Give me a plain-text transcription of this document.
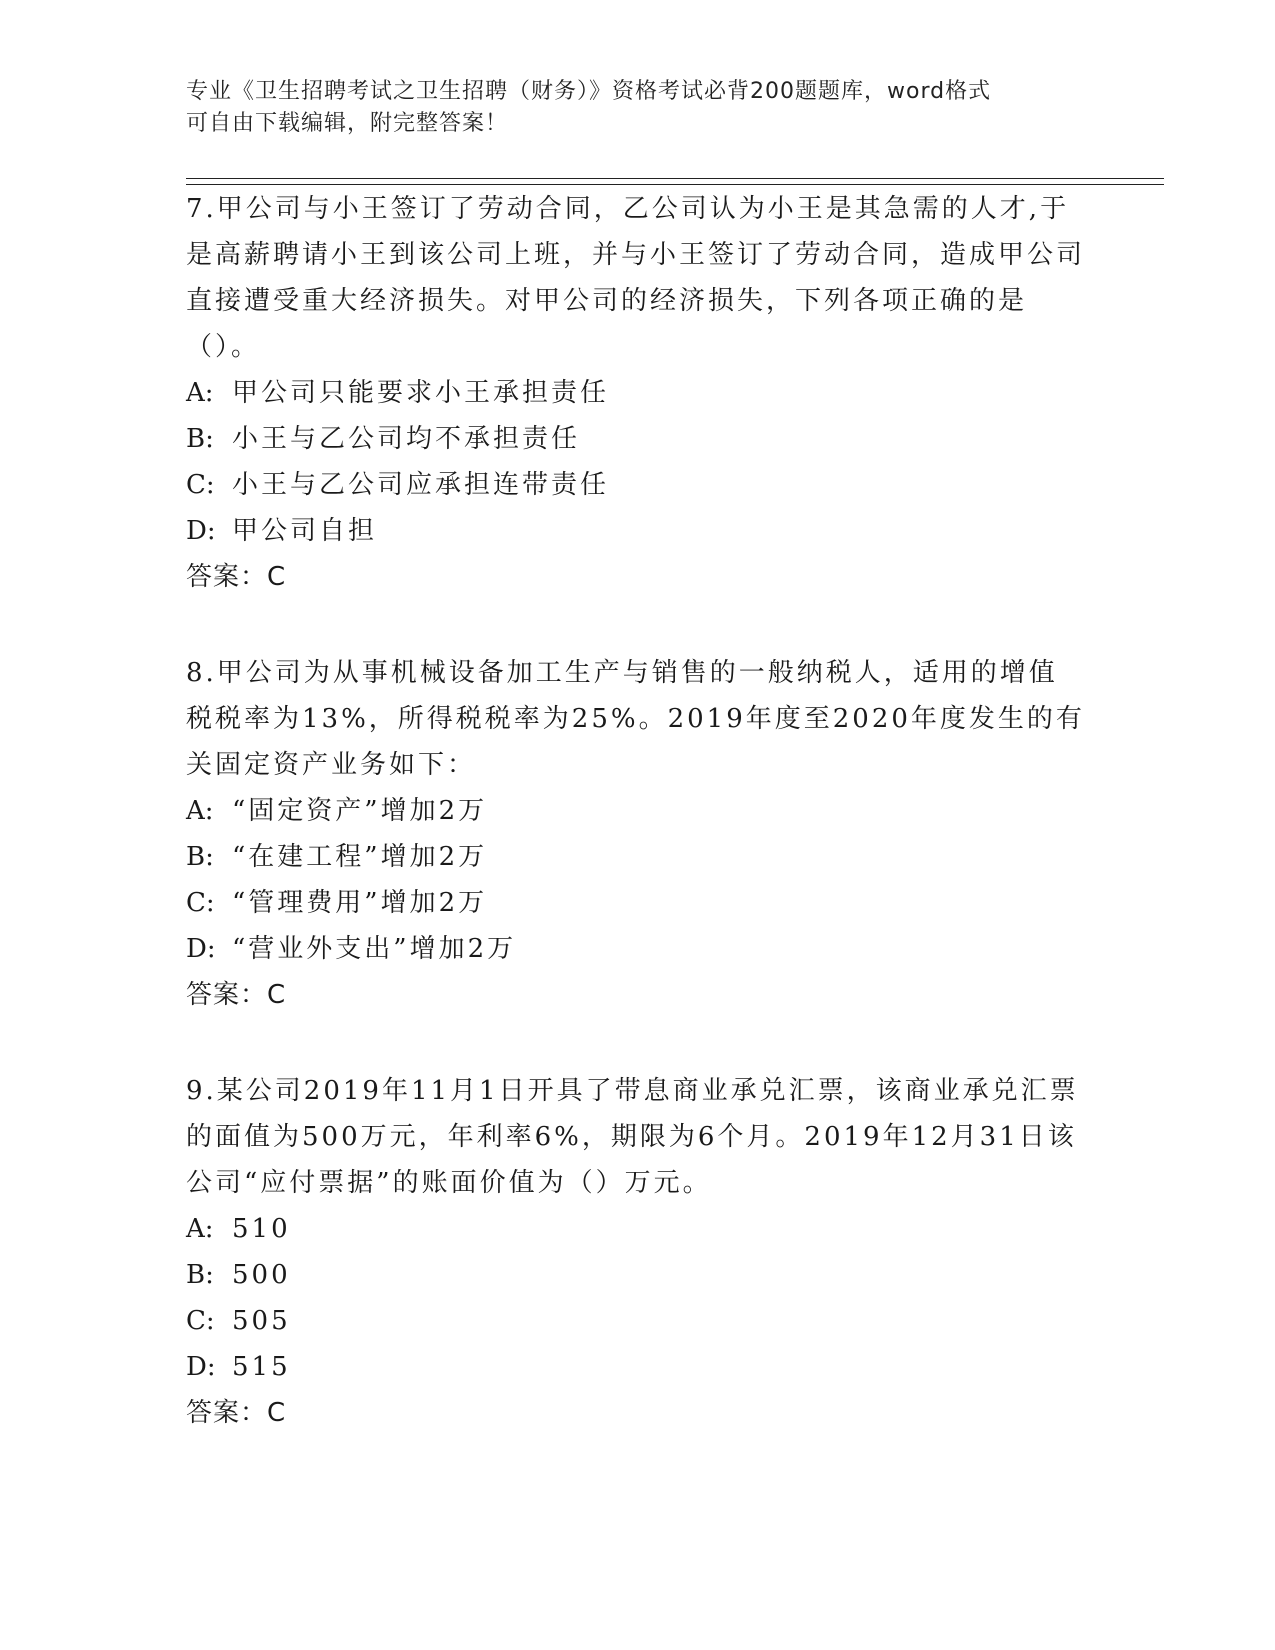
专业《卫生招聘考试之卫生招聘（财务）》资格考试必背200题题库，word格式
可自由下载编辑，附完整答案！

7.甲公司与小王签订了劳动合同，乙公司认为小王是其急需的人才,于是高薪聘请小王到该公司上班，并与小王签订了劳动合同，造成甲公司直接遭受重大经济损失。对甲公司的经济损失，下列各项正确的是（）。

A: 甲公司只能要求小王承担责任

B: 小王与乙公司均不承担责任

C: 小王与乙公司应承担连带责任

D: 甲公司自担

答案：C

8.甲公司为从事机械设备加工生产与销售的一般纳税人，适用的增值税税率为13%，所得税税率为25%。2019年度至2020年度发生的有关固定资产业务如下：

A: “固定资产”增加2万

B: “在建工程”增加2万

C: “管理费用”增加2万

D: “营业外支出”增加2万

答案：C

9.某公司2019年11月1日开具了带息商业承兑汇票，该商业承兑汇票的面值为500万元，年利率6%，期限为6个月。2019年12月31日该公司“应付票据”的账面价值为（）万元。

A: 510

B: 500

C: 505

D: 515

答案：C
